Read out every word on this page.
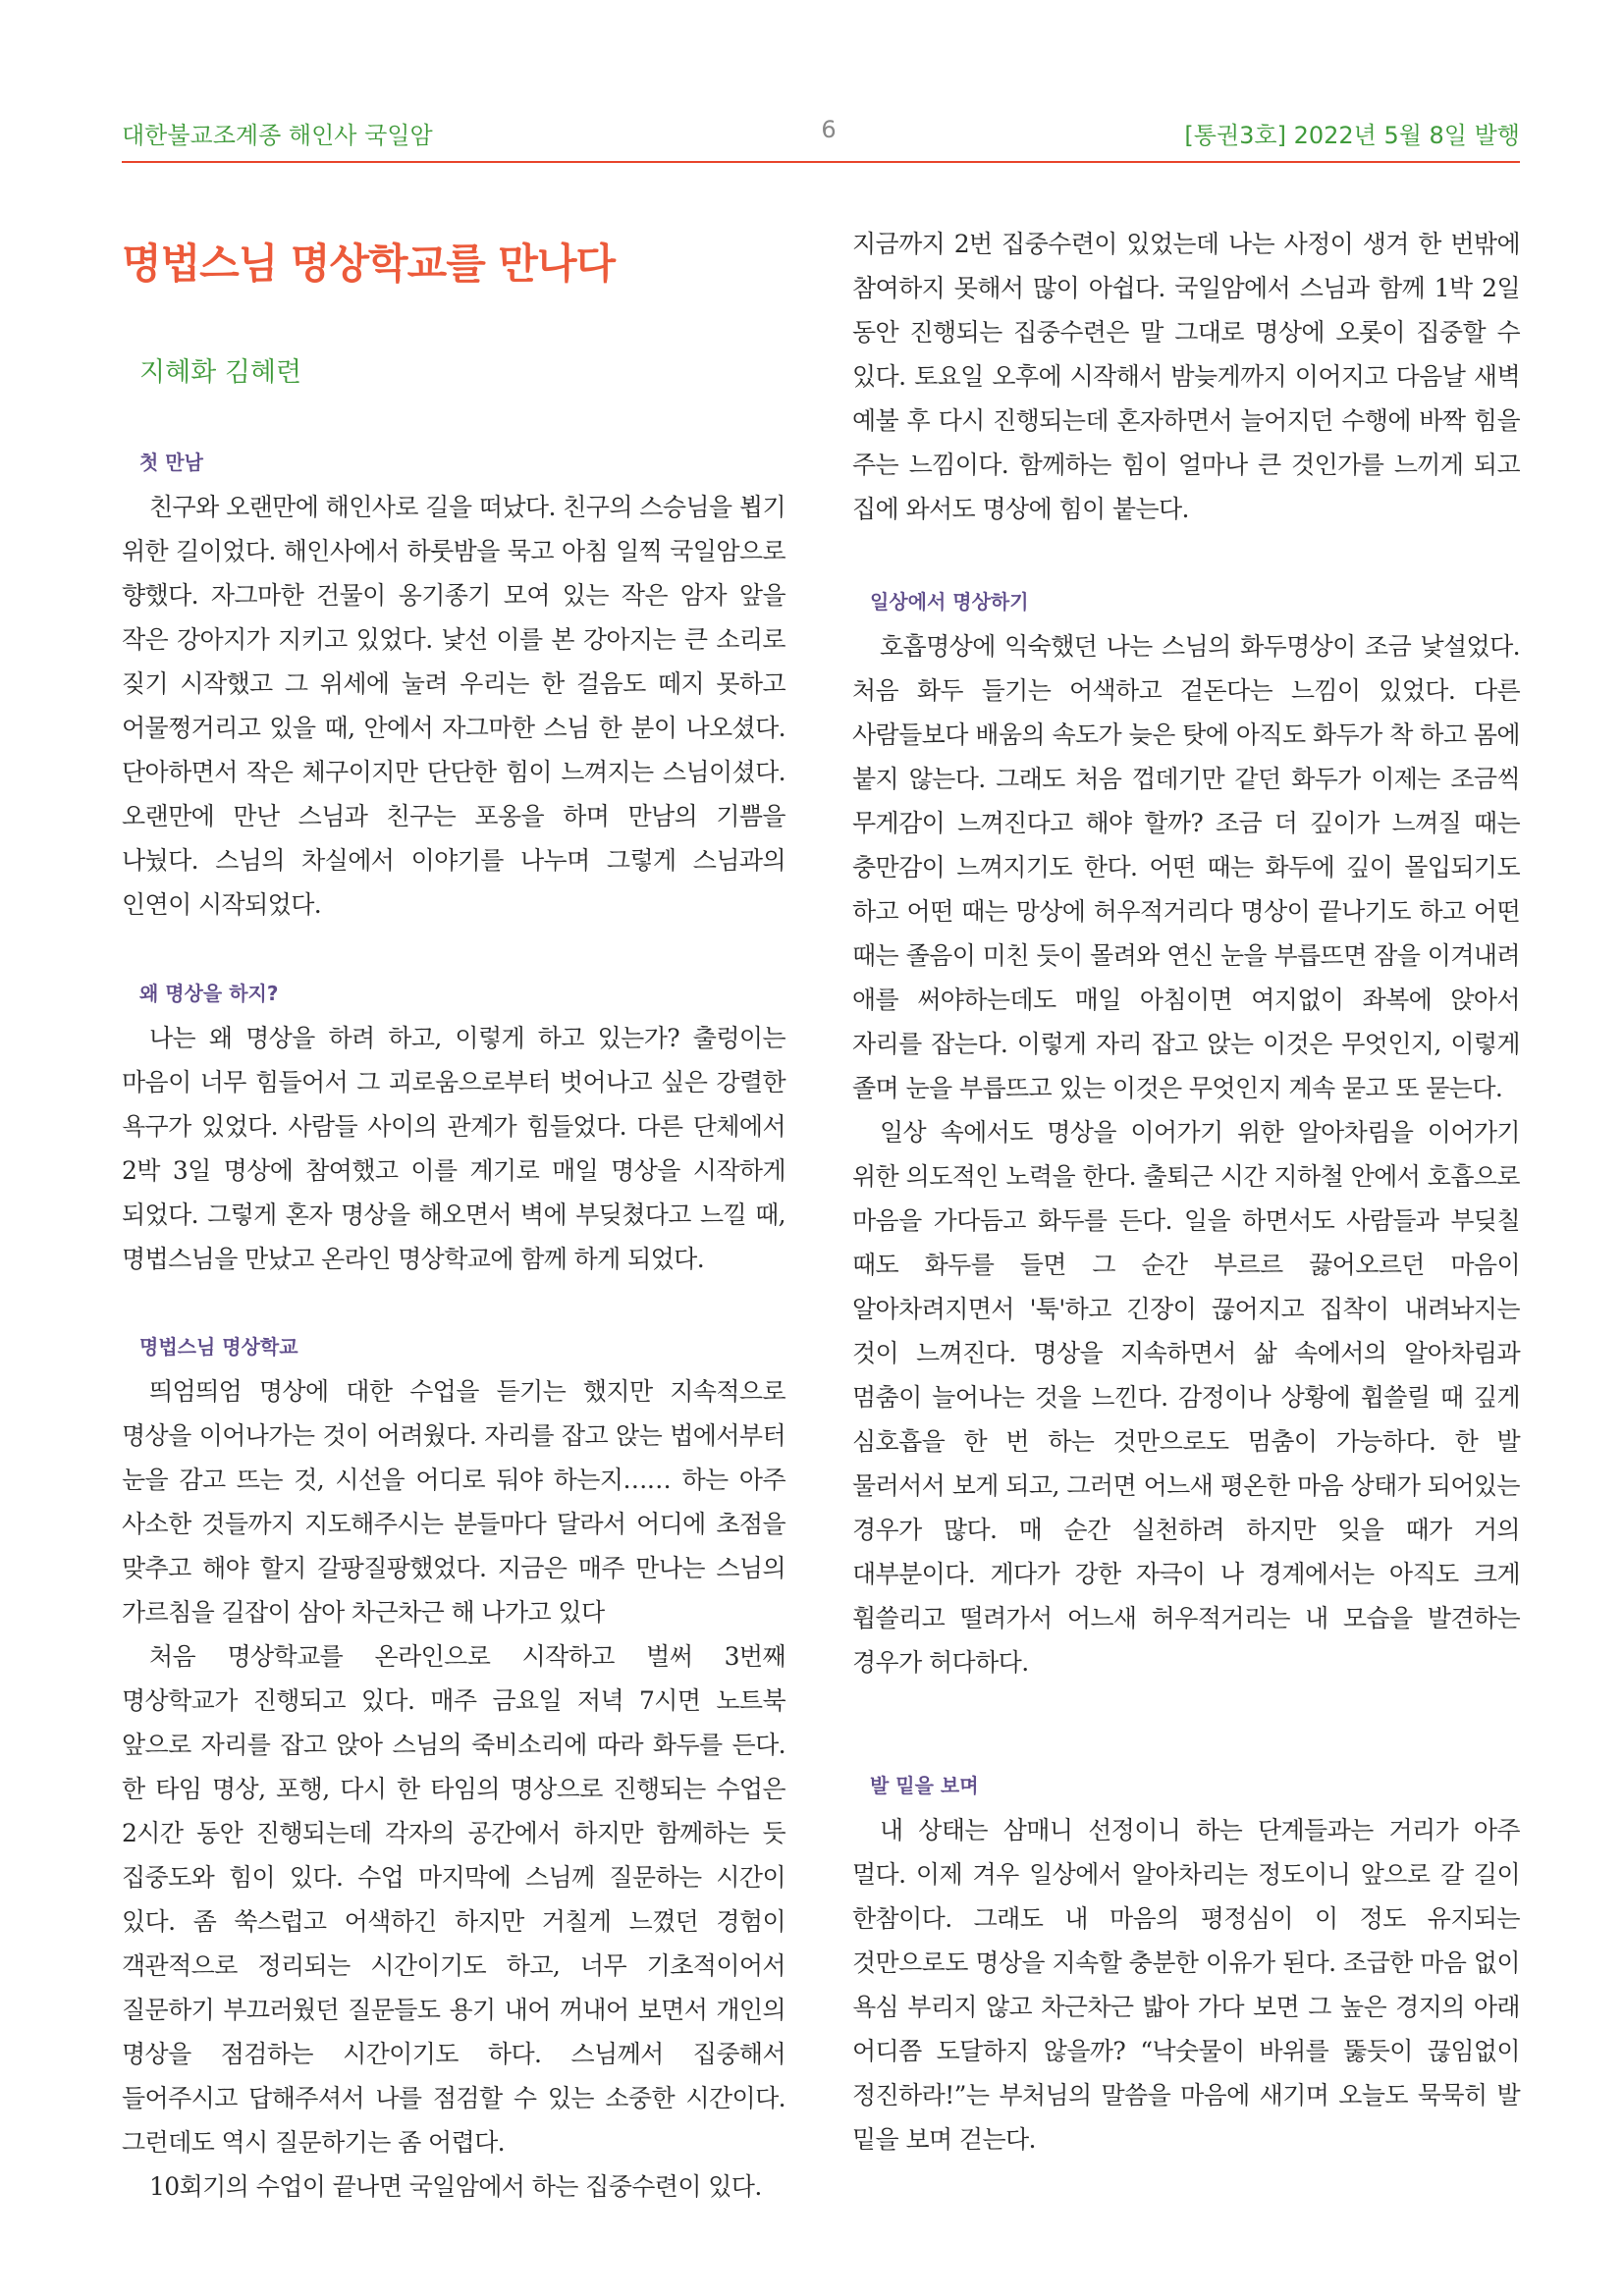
대한불교조계종 해인사 국일암	6	[통권3호] 2022년 5월 8일 발행
명법스님 명상학교를 만나다
지혜화 김혜련
첫 만남

친구와 오랜만에 해인사로 길을 떠났다. 친구의 스승님을 뵙기 위한 길이었다. 해인사에서 하룻밤을 묵고 아침 일찍 국일암으로 향했다. 자그마한 건물이 옹기종기 모여 있는 작은 암자 앞을 작은 강아지가 지키고 있었다. 낯선 이를 본 강아지는 큰 소리로 짖기 시작했고 그 위세에 눌려 우리는 한 걸음도 떼지 못하고 어물쩡거리고 있을 때, 안에서 자그마한 스님 한 분이 나오셨다. 단아하면서 작은 체구이지만 단단한 힘이 느껴지는 스님이셨다. 오랜만에 만난 스님과 친구는 포옹을 하며 만남의 기쁨을 나눴다. 스님의 차실에서 이야기를 나누며 그렇게 스님과의 인연이 시작되었다.

왜 명상을 하지?

나는 왜 명상을 하려 하고, 이렇게 하고 있는가? 출렁이는 마음이 너무 힘들어서 그 괴로움으로부터 벗어나고 싶은 강렬한 욕구가 있었다. 사람들 사이의 관계가 힘들었다. 다른 단체에서 2박 3일 명상에 참여했고 이를 계기로 매일 명상을 시작하게 되었다. 그렇게 혼자 명상을 해오면서 벽에 부딪쳤다고 느낄 때, 명법스님을 만났고 온라인 명상학교에 함께 하게 되었다.

명법스님 명상학교

띄엄띄엄 명상에 대한 수업을 듣기는 했지만 지속적으로 명상을 이어나가는 것이 어려웠다. 자리를 잡고 앉는 법에서부터 눈을 감고 뜨는 것, 시선을 어디로 둬야 하는지…… 하는 아주 사소한 것들까지 지도해주시는 분들마다 달라서 어디에 초점을 맞추고 해야 할지 갈팡질팡했었다. 지금은 매주 만나는 스님의 가르침을 길잡이 삼아 차근차근 해 나가고 있다

처음 명상학교를 온라인으로 시작하고 벌써 3번째 명상학교가 진행되고 있다. 매주 금요일 저녁 7시면 노트북 앞으로 자리를 잡고 앉아 스님의 죽비소리에 따라 화두를 든다. 한 타임 명상, 포행, 다시 한 타임의 명상으로 진행되는 수업은 2시간 동안 진행되는데 각자의 공간에서 하지만 함께하는 듯 집중도와 힘이 있다. 수업 마지막에 스님께 질문하는 시간이 있다. 좀 쑥스럽고 어색하긴 하지만 거칠게 느꼈던 경험이 객관적으로 정리되는 시간이기도 하고, 너무 기초적이어서 질문하기 부끄러웠던 질문들도 용기 내어 꺼내어 보면서 개인의 명상을 점검하는 시간이기도 하다. 스님께서 집중해서 들어주시고 답해주셔서 나를 점검할 수 있는 소중한 시간이다. 그런데도 역시 질문하기는 좀 어렵다.

10회기의 수업이 끝나면 국일암에서 하는 집중수련이 있다.

지금까지 2번 집중수련이 있었는데 나는 사정이 생겨 한 번밖에 참여하지 못해서 많이 아쉽다. 국일암에서 스님과 함께 1박 2일 동안 진행되는 집중수련은 말 그대로 명상에 오롯이 집중할 수 있다. 토요일 오후에 시작해서 밤늦게까지 이어지고 다음날 새벽 예불 후 다시 진행되는데 혼자하면서 늘어지던 수행에 바짝 힘을 주는 느낌이다. 함께하는 힘이 얼마나 큰 것인가를 느끼게 되고 집에 와서도 명상에 힘이 붙는다.

일상에서 명상하기

호흡명상에 익숙했던 나는 스님의 화두명상이 조금 낯설었다. 처음 화두 들기는 어색하고 겉돈다는 느낌이 있었다. 다른 사람들보다 배움의 속도가 늦은 탓에 아직도 화두가 착 하고 몸에 붙지 않는다. 그래도 처음 껍데기만 같던 화두가 이제는 조금씩 무게감이 느껴진다고 해야 할까? 조금 더 깊이가 느껴질 때는 충만감이 느껴지기도 한다. 어떤 때는 화두에 깊이 몰입되기도 하고 어떤 때는 망상에 허우적거리다 명상이 끝나기도 하고 어떤 때는 졸음이 미친 듯이 몰려와 연신 눈을 부릅뜨면 잠을 이겨내려 애를 써야하는데도 매일 아침이면 여지없이 좌복에 앉아서 자리를 잡는다. 이렇게 자리 잡고 앉는 이것은 무엇인지, 이렇게 졸며 눈을 부릅뜨고 있는 이것은 무엇인지 계속 묻고 또 묻는다.

일상 속에서도 명상을 이어가기 위한 알아차림을 이어가기 위한 의도적인 노력을 한다. 출퇴근 시간 지하철 안에서 호흡으로 마음을 가다듬고 화두를 든다. 일을 하면서도 사람들과 부딪칠 때도 화두를 들면 그 순간 부르르 끓어오르던 마음이 알아차려지면서 '툭'하고 긴장이 끊어지고 집착이 내려놔지는 것이 느껴진다. 명상을 지속하면서 삶 속에서의 알아차림과 멈춤이 늘어나는 것을 느낀다. 감정이나 상황에 휩쓸릴 때 깊게 심호흡을 한 번 하는 것만으로도 멈춤이 가능하다. 한 발 물러서서 보게 되고, 그러면 어느새 평온한 마음 상태가 되어있는 경우가 많다. 매 순간 실천하려 하지만 잊을 때가 거의 대부분이다. 게다가 강한 자극이 나 경계에서는 아직도 크게 휩쓸리고 떨려가서 어느새 허우적거리는 내 모습을 발견하는 경우가 허다하다.

발 밑을 보며

내 상태는 삼매니 선정이니 하는 단계들과는 거리가 아주 멀다. 이제 겨우 일상에서 알아차리는 정도이니 앞으로 갈 길이 한참이다. 그래도 내 마음의 평정심이 이 정도 유지되는 것만으로도 명상을 지속할 충분한 이유가 된다. 조급한 마음 없이 욕심 부리지 않고 차근차근 밟아 가다 보면 그 높은 경지의 아래 어디쯤 도달하지 않을까? “낙숫물이 바위를 뚫듯이 끊임없이 정진하라!”는 부처님의 말씀을 마음에 새기며 오늘도 묵묵히 발 밑을 보며 걷는다.
